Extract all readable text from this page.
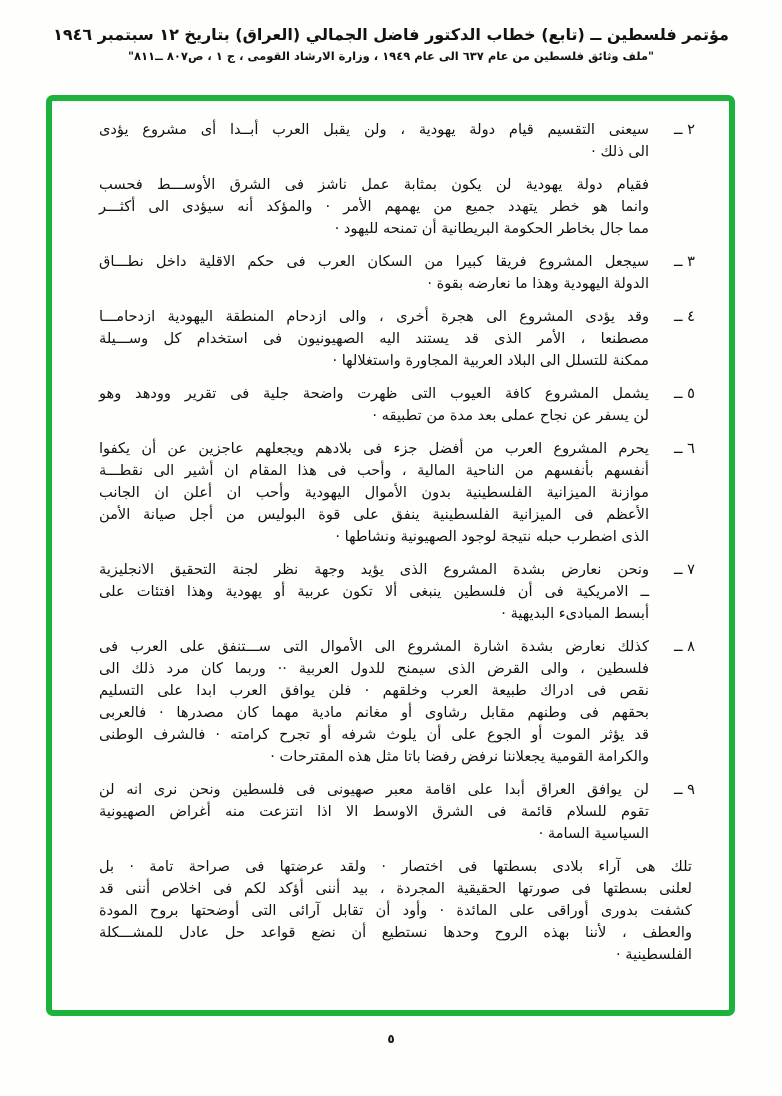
مؤتمر فلسطين ــ (تابع) خطاب الدكتور فاضل الجمالي (العراق) بتاريخ ١٢ سبتمبر ١٩٤٦
"ملف وثائق فلسطين من عام ٦٣٧ الى عام ١٩٤٩ ، وزارة الارشاد القومى ، ج ١ ، ص٨٠٧ ــ٨١١"
٢ ــ
سيعنى التقسيم قيام دولة يهودية ، ولن يقبل العرب أبــدا أى مشروع يؤدى
الى ذلك ·
فقيام دولة يهودية لن يكون بمثابة عمل ناشز فى الشرق الأوســـط فحسب
وانما هو خطر يتهدد جميع من يهمهم الأمر · والمؤكد أنه سيؤدى الى أكثـــر
مما جال بخاطر الحكومة البريطانية أن تمنحه لليهود ·
٣ ــ
سيجعل المشروع فريقا كبيرا من السكان العرب فى حكم الاقلية داخل نطـــاق
الدولة اليهودية وهذا ما نعارضه بقوة ·
٤ ــ
وقد يؤدى المشروع الى هجرة أخرى ، والى ازدحام المنطقة اليهودية ازدحامـــا
مصطنعا ، الأمر الذى قد يستند اليه الصهيونيون فى استخدام كل وســـيلة
ممكنة للتسلل الى البلاد العربية المجاورة واستغلالها ·
٥ ــ
يشمل المشروع كافة العيوب التى ظهرت واضحة جلية فى تقرير وودهد وهو
لن يسفر عن نجاح عملى بعد مدة من تطبيقه ·
٦ ــ
يحرم المشروع العرب من أفضل جزء فى بلادهم ويجعلهم عاجزين عن أن يكفوا
أنفسهم بأنفسهم من الناحية المالية ، وأحب فى هذا المقام ان أشير الى نقطـــة
موازنة الميزانية الفلسطينية بدون الأموال اليهودية وأحب ان أعلن ان الجانب
الأعظم فى الميزانية الفلسطينية ينفق على قوة البوليس من أجل صيانة الأمن
الذى اضطرب حبله نتيجة لوجود الصهيونية ونشاطها ·
٧ ــ
ونحن نعارض بشدة المشروع الذى يؤيد وجهة نظر لجنة التحقيق الانجليزية
ــ الامريكية فى أن فلسطين ينبغى ألا تكون عربية أو يهودية وهذا افتئات على
أبسط المبادىء البديهية ·
٨ ــ
كذلك نعارض بشدة اشارة المشروع الى الأموال التى ســـتنفق على العرب فى
فلسطين ، والى القرض الذى سيمنح للدول العربية ·· وربما كان مرد ذلك الى
نقص فى ادراك طبيعة العرب وخلقهم · فلن يوافق العرب ابدا على التسليم
بحقهم فى وطنهم مقابل رشاوى أو مغانم مادية مهما كان مصدرها · فالعربى
قد يؤثر الموت أو الجوع على أن يلوث شرفه أو تجرح كرامته · فالشرف الوطنى
والكرامة القومية يجعلاننا نرفض رفضا باتا مثل هذه المقترحات ·
٩ ــ
لن يوافق العراق أبدا على اقامة معبر صهيونى فى فلسطين ونحن نرى انه لن
تقوم للسلام قائمة فى الشرق الاوسط الا اذا انتزعت منه أغراض الصهيونية
السياسية السامة ·
تلك هى آراء بلادى بسطتها فى اختصار · ولقد عرضتها فى صراحة تامة · بل
لعلنى بسطتها فى صورتها الحقيقية المجردة ، بيد أننى أؤكد لكم فى اخلاص أننى قد
كشفت بدورى أوراقى على المائدة · وأود أن تقابل آرائى التى أوضحتها بروح المودة
والعطف ، لأننا بهذه الروح وحدها نستطيع أن نضع قواعد حل عادل للمشـــكلة
الفلسطينية ·
٥
